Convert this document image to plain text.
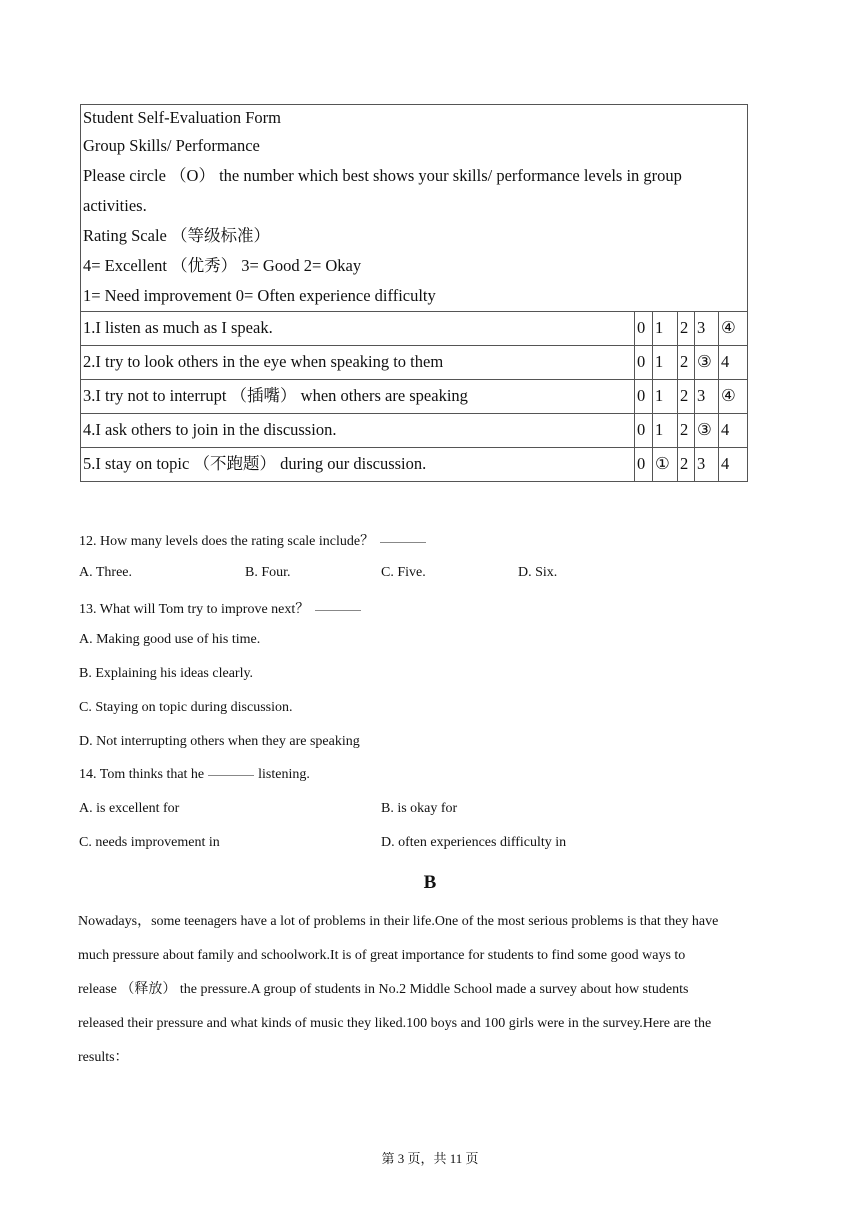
Student Self-Evaluation Form
Group Skills/ Performance
Please circle （O） the number which best shows your skills/ performance levels in group
activities.
Rating Scale （等级标准）
4= Excellent （优秀） 3= Good 2= Okay
1= Need improvement 0= Often experience difficulty
1.I listen as much as I speak.	0 1	2 3 ④
2.I try to look others in the eye when speaking to them	0 1	2 ③ 4
3.I try not to interrupt （插嘴） when others are speaking	0 1	2 3 ④
4.I ask others to join in the discussion.	0 1	2 ③ 4
5.I stay on topic （不跑题） during our discussion.	0 ① 2 3 4
12. How many levels does the rating scale include？
A. Three.	B. Four.	C. Five.	D. Six.
13. What will Tom try to improve next？
A. Making good use of his time.
B. Explaining his ideas clearly.
C. Staying on topic during discussion.
D. Not interrupting others when they are speaking
14. Tom thinks that he	listening.
A. is excellent for	B. is okay for
C. needs improvement in	D. often experiences difficulty in
B
Nowadays，some teenagers have a lot of problems in their life.One of the most serious problems is that they have
much pressure about family and schoolwork.It is of great importance for students to find some good ways to
release （释放） the pressure.A group of students in No.2 Middle School made a survey about how students
released their pressure and what kinds of music they liked.100 boys and 100 girls were in the survey.Here are the
results：
第 3 页，共 11 页
